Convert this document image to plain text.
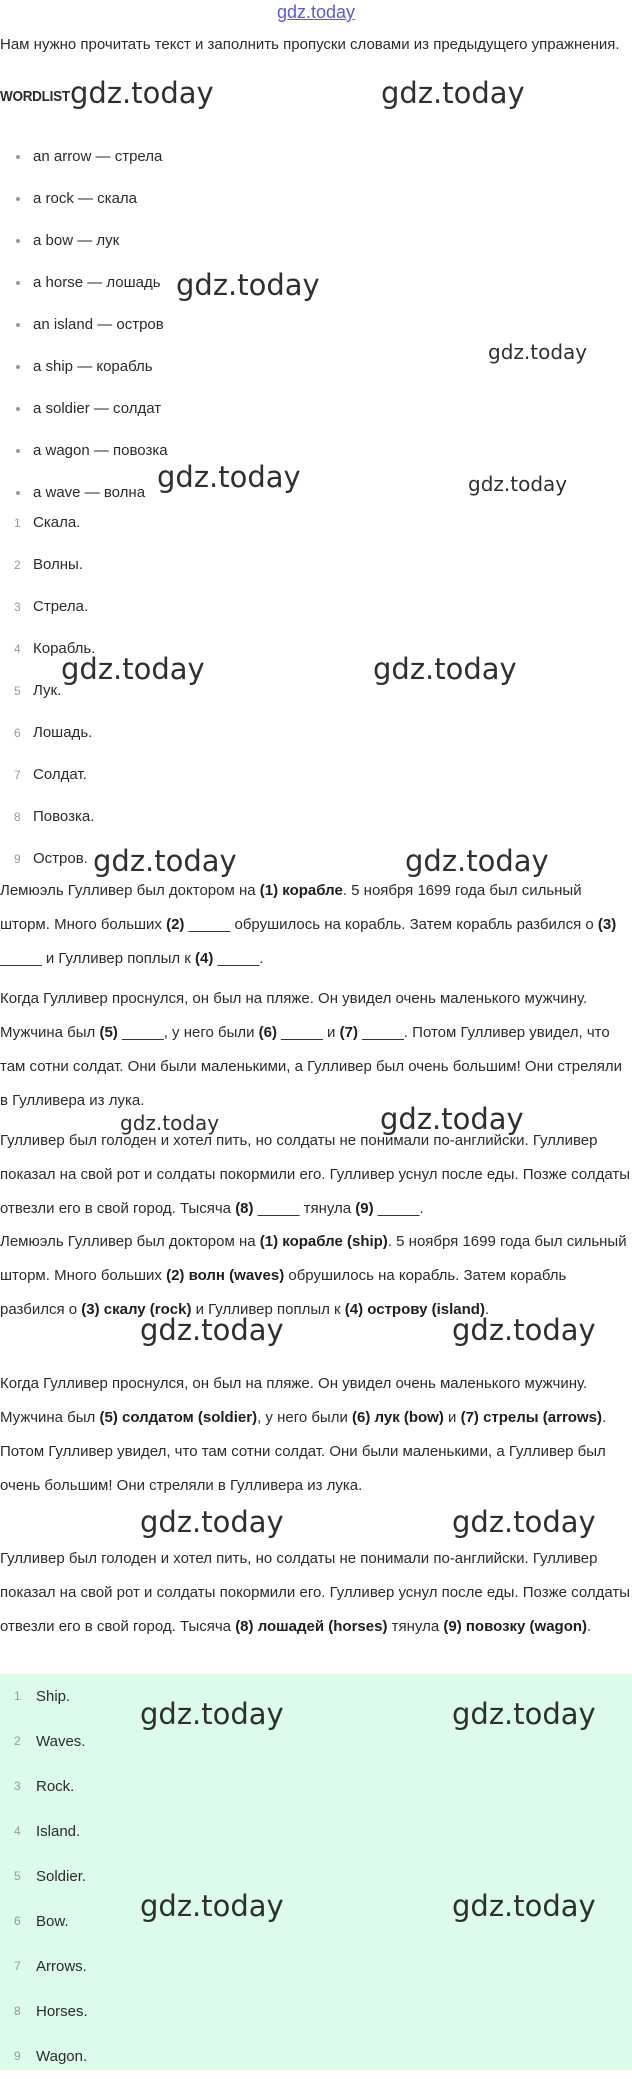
gdz.today
Нам нужно прочитать текст и заполнить пропуски словами из предыдущего упражнения.
WORDLIST
an arrow — стрела
a rock — скала
a bow — лук
a horse — лошадь
an island — остров
a ship — корабль
a soldier — солдат
a wagon — повозка
a wave — волна
1 Скала.
2 Волны.
3 Стрела.
4 Корабль.
5 Лук.
6 Лошадь.
7 Солдат.
8 Повозка.
9 Остров.

Лемюэль Гулливер был доктором на (1) корабле. 5 ноября 1699 года был сильный шторм. Много больших (2) _____ обрушилось на корабль. Затем корабль разбился о (3) _____ и Гулливер поплыл к (4) _____.

Когда Гулливер проснулся, он был на пляже. Он увидел очень маленького мужчину. Мужчина был (5) _____, у него были (6) _____ и (7) _____. Потом Гулливер увидел, что там сотни солдат. Они были маленькими, а Гулливер был очень большим! Они стреляли в Гулливера из лука.

Гулливер был голоден и хотел пить, но солдаты не понимали по-английски. Гулливер показал на свой рот и солдаты покормили его. Гулливер уснул после еды. Позже солдаты отвезли его в свой город. Тысяча (8) _____ тянула (9) _____.

Лемюэль Гулливер был доктором на (1) корабле (ship). 5 ноября 1699 года был сильный шторм. Много больших (2) волн (waves) обрушилось на корабль. Затем корабль разбился о (3) скалу (rock) и Гулливер поплыл к (4) острову (island).

Когда Гулливер проснулся, он был на пляже. Он увидел очень маленького мужчину. Мужчина был (5) солдатом (soldier), у него были (6) лук (bow) и (7) стрелы (arrows). Потом Гулливер увидел, что там сотни солдат. Они были маленькими, а Гулливер был очень большим! Они стреляли в Гулливера из лука.

Гулливер был голоден и хотел пить, но солдаты не понимали по-английски. Гулливер показал на свой рот и солдаты покормили его. Гулливер уснул после еды. Позже солдаты отвезли его в свой город. Тысяча (8) лошадей (horses) тянула (9) повозку (wagon).

1 Ship.
2 Waves.
3 Rock.
4 Island.
5 Soldier.
6 Bow.
7 Arrows.
8 Horses.
9 Wagon.
gdz.today	gdz.today
gdz.today
gdz.today
gdz.today	gdz.today
gdz.today	gdz.today
gdz.today	gdz.today
gdz.today	gdz.today
gdz.today	gdz.today
gdz.today	gdz.today
gdz.today	gdz.today
gdz.today	gdz.today
